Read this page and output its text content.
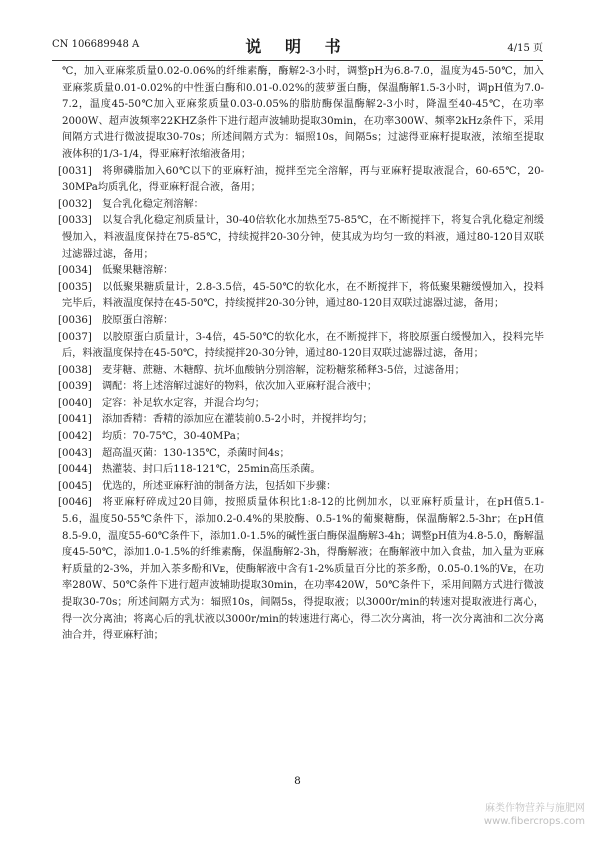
CN 106689948 A	说 明 书	4/15 页

℃，加入亚麻浆质量0.02-0.06%的纤维素酶，酶解2-3小时，调整pH为6.8-7.0，温度为45-50℃，加入亚麻浆质量0.01-0.02%的中性蛋白酶和0.01-0.02%的菠萝蛋白酶，保温酶解1.5-3小时，调pH值为7.0-7.2，温度45-50℃加入亚麻浆质量0.03-0.05%的脂肪酶保温酶解2-3小时，降温至40-45℃，在功率2000W、超声波频率22KHZ条件下进行超声波辅助提取30min，在功率300W、频率2kHz条件下，采用间隔方式进行微波提取30-70s；所述间隔方式为：辐照10s，间隔5s；过滤得亚麻籽提取液，浓缩至提取液体积的1/3-1/4，得亚麻籽浓缩液备用；

[0031] 将卵磷脂加入60℃以下的亚麻籽油，搅拌至完全溶解，再与亚麻籽提取液混合，60-65℃，20-30MPa均质乳化，得亚麻籽混合液，备用；

[0032] 复合乳化稳定剂溶解：

[0033] 以复合乳化稳定剂质量计，30-40倍软化水加热至75-85℃，在不断搅拌下，将复合乳化稳定剂缓慢加入，料液温度保持在75-85℃，持续搅拌20-30分钟，使其成为均匀一致的料液，通过80-120目双联过滤器过滤，备用；

[0034] 低聚果糖溶解：

[0035] 以低聚果糖质量计，2.8-3.5倍，45-50℃的软化水，在不断搅拌下，将低聚果糖缓慢加入，投料完毕后，料液温度保持在45-50℃，持续搅拌20-30分钟，通过80-120目双联过滤器过滤，备用；

[0036] 胶原蛋白溶解：

[0037] 以胶原蛋白质量计，3-4倍，45-50℃的软化水，在不断搅拌下，将胶原蛋白缓慢加入，投料完毕后，料液温度保持在45-50℃，持续搅拌20-30分钟，通过80-120目双联过滤器过滤，备用；

[0038] 麦芽糖、蔗糖、木糖醇、抗坏血酸钠分别溶解，淀粉糖浆稀释3-5倍，过滤备用；

[0039] 调配：将上述溶解过滤好的物料，依次加入亚麻籽混合液中；

[0040] 定容：补足软水定容，并混合均匀；

[0041] 添加香精：香精的添加应在灌装前0.5-2小时，并搅拌均匀；

[0042] 均质：70-75℃，30-40MPa；

[0043] 超高温灭菌：130-135℃，杀菌时间4s；

[0044] 热灌装、封口后118-121℃，25min高压杀菌。

[0045] 优选的，所述亚麻籽油的制备方法，包括如下步骤：

[0046] 将亚麻籽碎成过20目筛，按照质量体积比1:8-12的比例加水，以亚麻籽质量计，在pH值5.1-5.6，温度50-55℃条件下，添加0.2-0.4%的果胶酶、0.5-1%的葡聚糖酶，保温酶解2.5-3hr；在pH值8.5-9.0，温度55-60℃条件下，添加1.0-1.5%的碱性蛋白酶保温酶解3-4h；调整pH值为4.8-5.0，酶解温度45-50℃，添加1.0-1.5%的纤维素酶，保温酶解2-3h，得酶解液；在酶解液中加入食盐，加入量为亚麻籽质量的2-3%，并加入茶多酚和Vᴇ，使酶解液中含有1-2%质量百分比的茶多酚，0.05-0.1%的Vᴇ，在功率280W、50℃条件下进行超声波辅助提取30min，在功率420W，50℃条件下，采用间隔方式进行微波提取30-70s；所述间隔方式为：辐照10s，间隔5s，得提取液；以3000r/min的转速对提取液进行离心，得一次分离油；将离心后的乳状液以3000r/min的转速进行离心，得二次分离油，将一次分离油和二次分离油合并，得亚麻籽油；

8
麻类作物营养与施肥网
www.fibercrops.com
